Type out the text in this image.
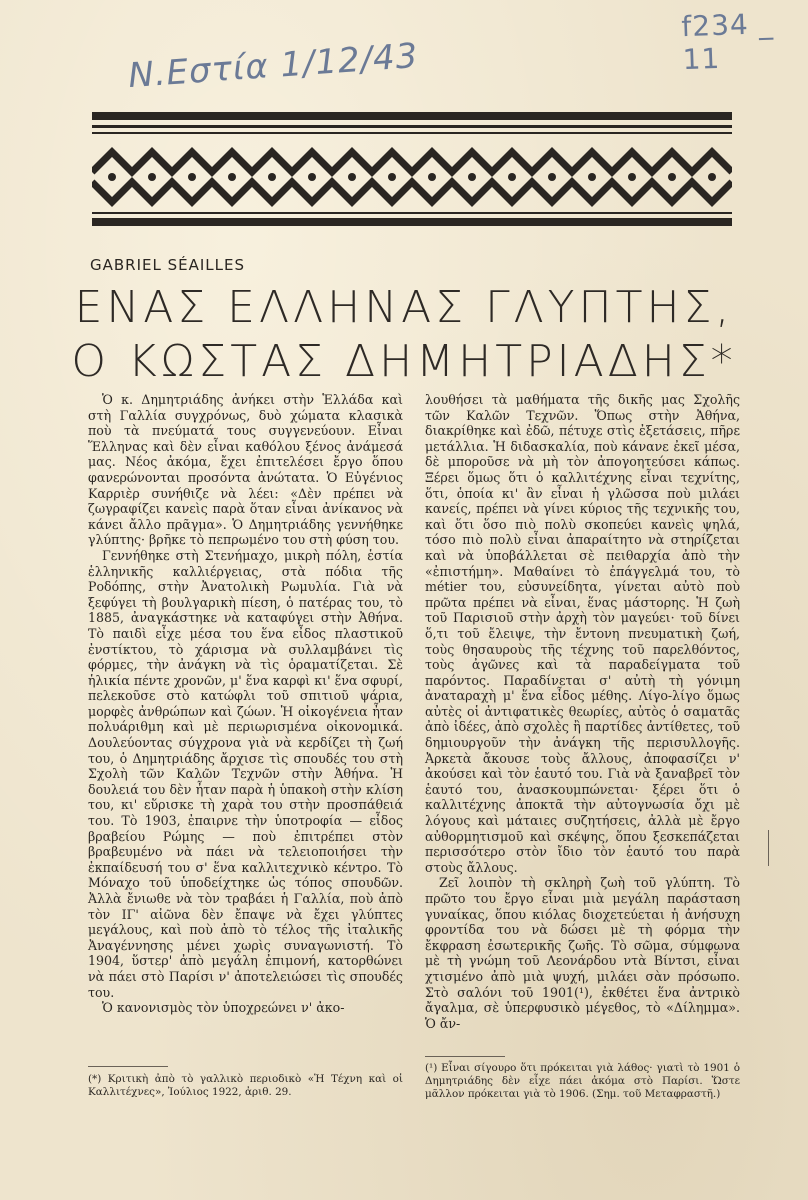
N.Eστία 1/12/43
f234 _ 11
GABRIEL SÉAILLES
ΕΝΑΣ ΕΛΛΗΝΑΣ ΓΛΥΠΤΗΣ,
Ο ΚΩΣΤΑΣ ΔΗΜΗΤΡΙΑΔΗΣ*

Ὁ κ. Δημητριάδης ἀνήκει στὴν Ἑλλάδα καὶ στὴ Γαλλία συγχρόνως, δυὸ χώματα κλασικὰ ποὺ τὰ πνεύματά τους συγγενεύουν. Εἶναι Ἕλληνας καὶ δὲν εἶναι καθόλου ξένος ἀνάμεσά μας. Νέος ἀκόμα, ἔχει ἐπιτελέσει ἔργο ὅπου φανερώνονται προσόντα ἀνώτατα. Ὁ Εὐγένιος Καρριὲρ συνήθιζε νὰ λέει: «Δὲν πρέπει νὰ ζωγραφίζει κανεὶς παρὰ ὅταν εἶναι ἀνίκανος νὰ κάνει ἄλλο πρᾶγμα». Ὁ Δημητριάδης γεννήθηκε γλύπτης· βρῆκε τὸ πεπρωμένο του στὴ φύση του.

Γεννήθηκε στὴ Στενήμαχο, μικρὴ πόλη, ἑστία ἑλληνικῆς καλλιέργειας, στὰ πόδια τῆς Ροδόπης, στὴν Ἀνατολικὴ Ρωμυλία. Γιὰ νὰ ξεφύγει τὴ βουλγαρικὴ πίεση, ὁ πατέρας του, τὸ 1885, ἀναγκάστηκε νὰ καταφύγει στὴν Ἀθήνα. Τὸ παιδὶ εἶχε μέσα του ἕνα εἶδος πλαστικοῦ ἐνστίκτου, τὸ χάρισμα νὰ συλλαμβάνει τὶς φόρμες, τὴν ἀνάγκη νὰ τὶς ὁραματίζεται. Σὲ ἡλικία πέντε χρονῶν, μ' ἕνα καρφὶ κι' ἕνα σφυρί, πελεκοῦσε στὸ κατώφλι τοῦ σπιτιοῦ ψάρια, μορφὲς ἀνθρώπων καὶ ζώων. Ἡ οἰκογένεια ἦταν πολυάριθμη καὶ μὲ περιωρισμένα οἰκονομικά. Δουλεύοντας σύγχρονα γιὰ νὰ κερδίζει τὴ ζωή του, ὁ Δημητριάδης ἄρχισε τὶς σπουδές του στὴ Σχολὴ τῶν Καλῶν Τεχνῶν στὴν Ἀθήνα. Ἡ δουλειά του δὲν ἦταν παρὰ ἡ ὑπακοὴ στὴν κλίση του, κι' εὕρισκε τὴ χαρὰ του στὴν προσπάθειά του. Τὸ 1903, ἐπαιρνε τὴν ὑποτροφία — εἶδος βραβείου Ρώμης — ποὺ ἐπιτρέπει στὸν βραβευμένο νὰ πάει νὰ τελειοποιήσει τὴν ἐκπαίδευσή του σ' ἕνα καλλιτεχνικὸ κέντρο. Τὸ Μόναχο τοῦ ὑποδείχτηκε ὡς τόπος σπουδῶν. Ἀλλὰ ἔνιωθε νὰ τὸν τραβάει ἡ Γαλλία, ποὺ ἀπὸ τὸν ΙΓ' αἰῶνα δὲν ἔπαψε νὰ ἔχει γλύπτες μεγάλους, καὶ ποὺ ἀπὸ τὸ τέλος τῆς ἰταλικῆς Ἀναγέννησης μένει χωρὶς συναγωνιστή. Τὸ 1904, ὕστερ' ἀπὸ μεγάλη ἐπιμονή, κατορθώνει νὰ πάει στὸ Παρίσι ν' ἀποτελειώσει τὶς σπουδές του.

Ὁ κανονισμὸς τὸν ὑποχρεώνει ν' ἀκο-

λουθήσει τὰ μαθήματα τῆς δικῆς μας Σχολῆς τῶν Καλῶν Τεχνῶν. Ὅπως στὴν Ἀθήνα, διακρίθηκε καὶ ἐδῶ, πέτυχε στὶς ἐξετάσεις, πῆρε μετάλλια. Ἡ διδασκαλία, ποὺ κάνανε ἐκεῖ μέσα, δὲ μποροῦσε νὰ μὴ τὸν ἀπογοητεύσει κάπως. Ξέρει ὅμως ὅτι ὁ καλλιτέχνης εἶναι τεχνίτης, ὅτι, ὁποία κι' ἂν εἶναι ἡ γλῶσσα ποὺ μιλάει κανείς, πρέπει νὰ γίνει κύριος τῆς τεχνικῆς του, καὶ ὅτι ὅσο πιὸ πολὺ σκοπεύει κανεὶς ψηλά, τόσο πιὸ πολὺ εἶναι ἀπαραίτητο νὰ στηρίζεται καὶ νὰ ὑποβάλλεται σὲ πειθαρχία ἀπὸ τὴν «ἐπιστήμη». Μαθαίνει τὸ ἐπάγγελμά του, τὸ métier του, εὐσυνείδητα, γίνεται αὐτὸ ποὺ πρῶτα πρέπει νὰ εἶναι, ἕνας μάστορης. Ἡ ζωὴ τοῦ Παρισιοῦ στὴν ἀρχὴ τὸν μαγεύει· τοῦ δίνει ὅ,τι τοῦ ἔλειψε, τὴν ἔντονη πνευματικὴ ζωή, τοὺς θησαυροὺς τῆς τέχνης τοῦ παρελθόντος, τοὺς ἀγῶνες καὶ τὰ παραδείγματα τοῦ παρόντος. Παραδίνεται σ' αὐτὴ τὴ γόνιμη ἀναταραχὴ μ' ἕνα εἶδος μέθης. Λίγο-λίγο ὅμως αὐτὲς οἱ ἀντιφατικὲς θεωρίες, αὐτὸς ὁ σαματᾶς ἀπὸ ἰδέες, ἀπὸ σχολὲς ἢ παρτίδες ἀντίθετες, τοῦ δημιουργοῦν τὴν ἀνάγκη τῆς περισυλλογῆς. Ἀρκετὰ ἄκουσε τοὺς ἄλλους, ἀποφασίζει ν' ἀκούσει καὶ τὸν ἑαυτό του. Γιὰ νὰ ξαναβρεῖ τὸν ἑαυτό του, ἀνασκουμπώνεται· ξέρει ὅτι ὁ καλλιτέχνης ἀποκτᾶ τὴν αὐτογνωσία ὄχι μὲ λόγους καὶ μάταιες συζητήσεις, ἀλλὰ μὲ ἔργο αὐθορμητισμοῦ καὶ σκέψης, ὅπου ξεσκεπάζεται περισσότερο στὸν ἴδιο τὸν ἑαυτό του παρὰ στοὺς ἄλλους.

Ζεῖ λοιπὸν τὴ σκληρὴ ζωὴ τοῦ γλύπτη. Τὸ πρῶτο του ἔργο εἶναι μιὰ μεγάλη παράσταση γυναίκας, ὅπου κιόλας διοχετεύεται ἡ ἀνήσυχη φροντίδα του νὰ δώσει μὲ τὴ φόρμα τὴν ἔκφραση ἐσωτερικῆς ζωῆς. Τὸ σῶμα, σύμφωνα μὲ τὴ γνώμη τοῦ Λεονάρδου ντὰ Βίντσι, εἶναι χτισμένο ἀπὸ μιὰ ψυχή, μιλάει σὰν πρόσωπο. Στὸ σαλόνι τοῦ 1901(¹), ἐκθέτει ἕνα ἀντρικὸ ἄγαλμα, σὲ ὑπερφυσικὸ μέγεθος, τὸ «Δίλημμα». Ὁ ἄν-

(*) Κριτικὴ ἀπὸ τὸ γαλλικὸ περιοδικὸ «Ἡ Τέχνη καὶ οἱ Καλλιτέχνες», Ἰούλιος 1922, ἀριθ. 29.
(¹) Εἶναι σίγουρο ὅτι πρόκειται γιὰ λάθος· γιατὶ τὸ 1901 ὁ Δημητριάδης δὲν εἶχε πάει ἀκόμα στὸ Παρίσι. Ὥστε μᾶλλον πρόκειται γιὰ τὸ 1906. (Σημ. τοῦ Μεταφραστῆ.)
